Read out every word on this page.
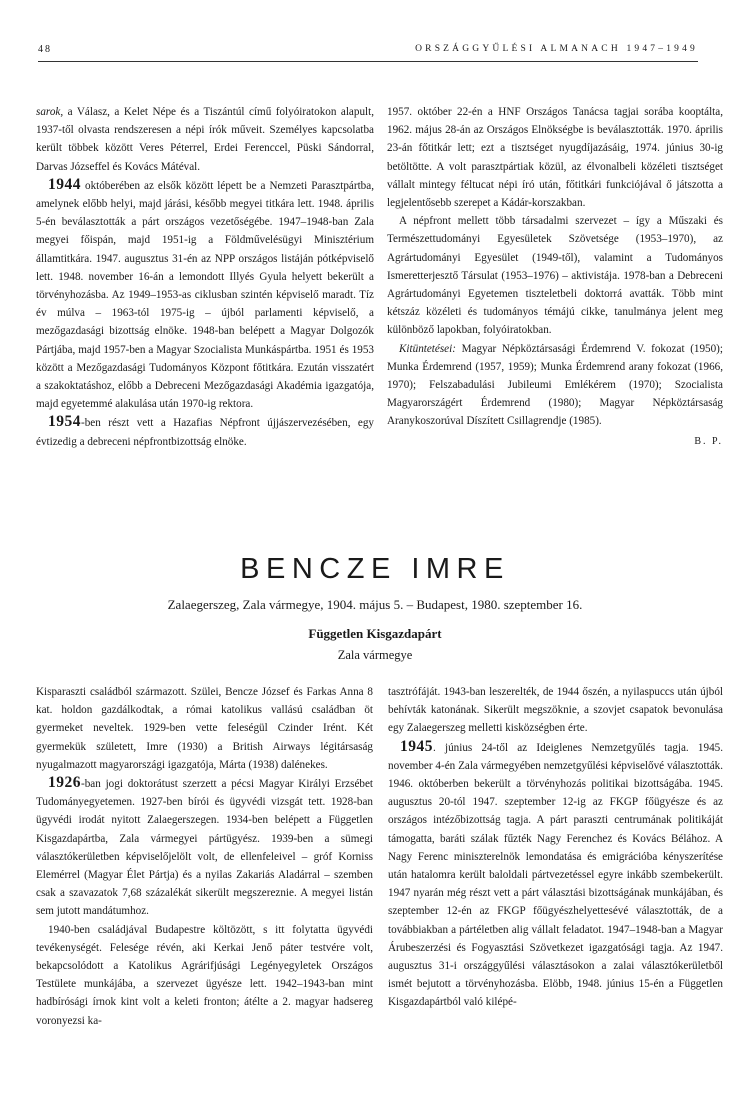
48	ORSZÁGGYŰLÉSI ALMANACH 1947–1949

sarok, a Válasz, a Kelet Népe és a Tiszántúl című folyóiratokon alapult, 1937-től olvasta rendszeresen a népi írók műveit. Személyes kapcsolatba került többek között Veres Péterrel, Erdei Ferenccel, Püski Sándorral, Darvas Józseffel és Kovács Mátéval.

1944 októberében az elsők között lépett be a Nemzeti Parasztpártba, amelynek előbb helyi, majd járási, később megyei titkára lett. 1948. április 5-én beválasztották a párt országos vezetőségébe. 1947–1948-ban Zala megyei főispán, majd 1951-ig a Földművelésügyi Minisztérium államtitkára. 1947. augusztus 31-én az NPP országos listáján pótképviselő lett. 1948. november 16-án a lemondott Illyés Gyula helyett bekerült a törvényhozásba. Az 1949–1953-as ciklusban szintén képviselő maradt. Tíz év múlva – 1963-tól 1975-ig – újból parlamenti képviselő, a mezőgazdasági bizottság elnöke. 1948-ban belépett a Magyar Dolgozók Pártjába, majd 1957-ben a Magyar Szocialista Munkáspártba. 1951 és 1953 között a Mezőgazdasági Tudományos Központ főtitkára. Ezután visszatért a szakoktatáshoz, előbb a Debreceni Mezőgazdasági Akadémia igazgatója, majd egyetemmé alakulása után 1970-ig rektora.

1954-ben részt vett a Hazafias Népfront újjászervezésében, egy évtizedig a debreceni népfrontbizottság elnöke.

1957. október 22-én a HNF Országos Tanácsa tagjai sorába kooptálta, 1962. május 28-án az Országos Elnökségbe is beválasztották. 1970. április 23-án főtitkár lett; ezt a tisztséget nyugdíjazásáig, 1974. június 30-ig betöltötte. A volt parasztpártiak közül, az élvonalbeli közéleti tisztséget vállalt mintegy féltucat népi író után, főtitkári funkciójával ő játszotta a legjelentősebb szerepet a Kádár-korszakban.

A népfront mellett több társadalmi szervezet – így a Műszaki és Természettudományi Egyesületek Szövetsége (1953–1970), az Agrártudományi Egyesület (1949-től), valamint a Tudományos Ismeretterjesztő Társulat (1953–1976) – aktivistája. 1978-ban a Debreceni Agrártudományi Egyetemen tiszteletbeli doktorrá avatták. Több mint kétszáz közéleti és tudományos témájú cikke, tanulmánya jelent meg különböző lapokban, folyóiratokban.

Kitüntetései: Magyar Népköztársasági Érdemrend V. fokozat (1950); Munka Érdemrend (1957, 1959); Munka Érdemrend arany fokozat (1966, 1970); Felszabadulási Jubileumi Emlékérem (1970); Szocialista Magyarországért Érdemrend (1980); Magyar Népköztársaság Aranykoszorúval Díszített Csillagrendje (1985).

B. P.
BENCZE IMRE
Zalaegerszeg, Zala vármegye, 1904. május 5. – Budapest, 1980. szeptember 16.
Független Kisgazdapárt
Zala vármegye

Kisparaszti családból származott. Szülei, Bencze József és Farkas Anna 8 kat. holdon gazdálkodtak, a római katolikus vallású családban öt gyermeket neveltek. 1929-ben vette feleségül Czinder Irént. Két gyermekük született, Imre (1930) a British Airways légitársaság nyugalmazott magyarországi igazgatója, Márta (1938) dalénekes.

1926-ban jogi doktorátust szerzett a pécsi Magyar Királyi Erzsébet Tudományegyetemen. 1927-ben bírói és ügyvédi vizsgát tett. 1928-ban ügyvédi irodát nyitott Zalaegerszegen. 1934-ben belépett a Független Kisgazdapártba, Zala vármegyei pártügyész. 1939-ben a sümegi választókerületben képviselőjelölt volt, de ellenfeleivel – gróf Korniss Elemérrel (Magyar Élet Pártja) és a nyilas Zakariás Aladárral – szemben csak a szavazatok 7,68 százalékát sikerült megszereznie. A megyei listán sem jutott mandátumhoz.

1940-ben családjával Budapestre költözött, s itt folytatta ügyvédi tevékenységét. Felesége révén, aki Kerkai Jenő páter testvére volt, bekapcsolódott a Katolikus Agrárifjúsági Legényegyletek Országos Testülete munkájába, a szervezet ügyésze lett. 1942–1943-ban mint hadbírósági írnok kint volt a keleti fronton; átélte a 2. magyar hadsereg voronyezsi ka-

tasztrófáját. 1943-ban leszerelték, de 1944 őszén, a nyilaspuccs után újból behívták katonának. Sikerült megszöknie, a szovjet csapatok bevonulása egy Zalaegerszeg melletti kisközségben érte.

1945. június 24-től az Ideiglenes Nemzetgyűlés tagja. 1945. november 4-én Zala vármegyében nemzetgyűlési képviselővé választották. 1946. októberben bekerült a törvényhozás politikai bizottságába. 1945. augusztus 20-tól 1947. szeptember 12-ig az FKGP főügyésze és az országos intézőbizottság tagja. A párt paraszti centrumának politikáját támogatta, baráti szálak fűzték Nagy Ferenchez és Kovács Bélához. A Nagy Ferenc miniszterelnök lemondatása és emigrációba kényszerítése után hatalomra került baloldali pártvezetéssel egyre inkább szembekerült. 1947 nyarán még részt vett a párt választási bizottságának munkájában, és szeptember 12-én az FKGP főügyészhelyettesévé választották, de a továbbiakban a pártéletben alig vállalt feladatot. 1947–1948-ban a Magyar Árubeszerzési és Fogyasztási Szövetkezet igazgatósági tagja. Az 1947. augusztus 31-i országgyűlési választásokon a zalai választókerületből ismét bejutott a törvényhozásba. Elöbb, 1948. június 15-én a Független Kisgazdapártból való kilépé-
